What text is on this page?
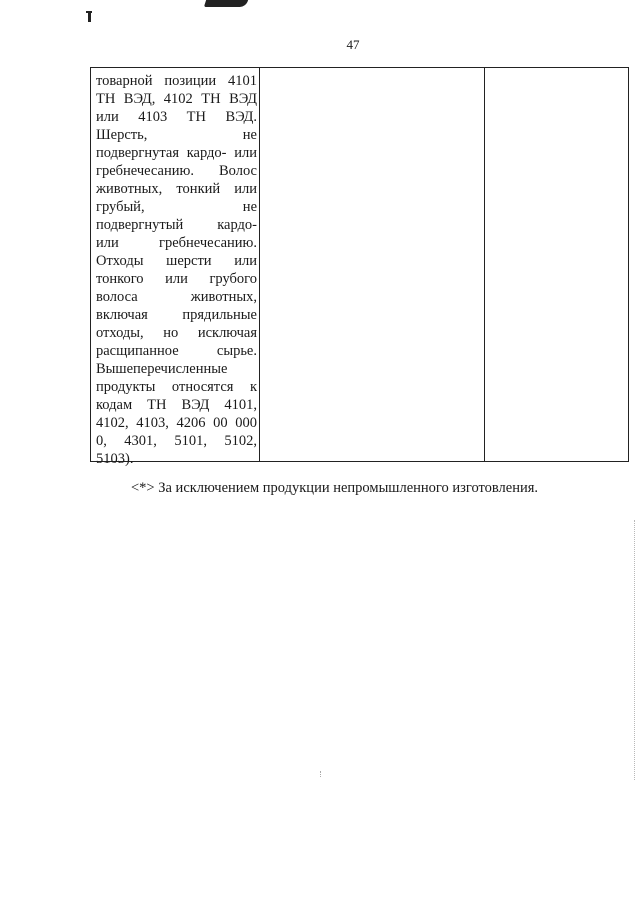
47

товарной позиции 4101
ТН ВЭД, 4102 ТН ВЭД
или 4103 ТН ВЭД.
Шерсть, не
подвергнутая кардо- или
гребнечесанию. Волос
животных, тонкий или
грубый, не
подвергнутый кардо-
или гребнечесанию.
Отходы шерсти или
тонкого или грубого
волоса животных,
включая прядильные
отходы, но исключая
расщипанное сырье.
Вышеперечисленные
продукты относятся к
кодам ТН ВЭД 4101,
4102, 4103, 4206 00 000
0, 4301, 5101, 5102,
5103).

<*> За исключением продукции непромышленного изготовления.
